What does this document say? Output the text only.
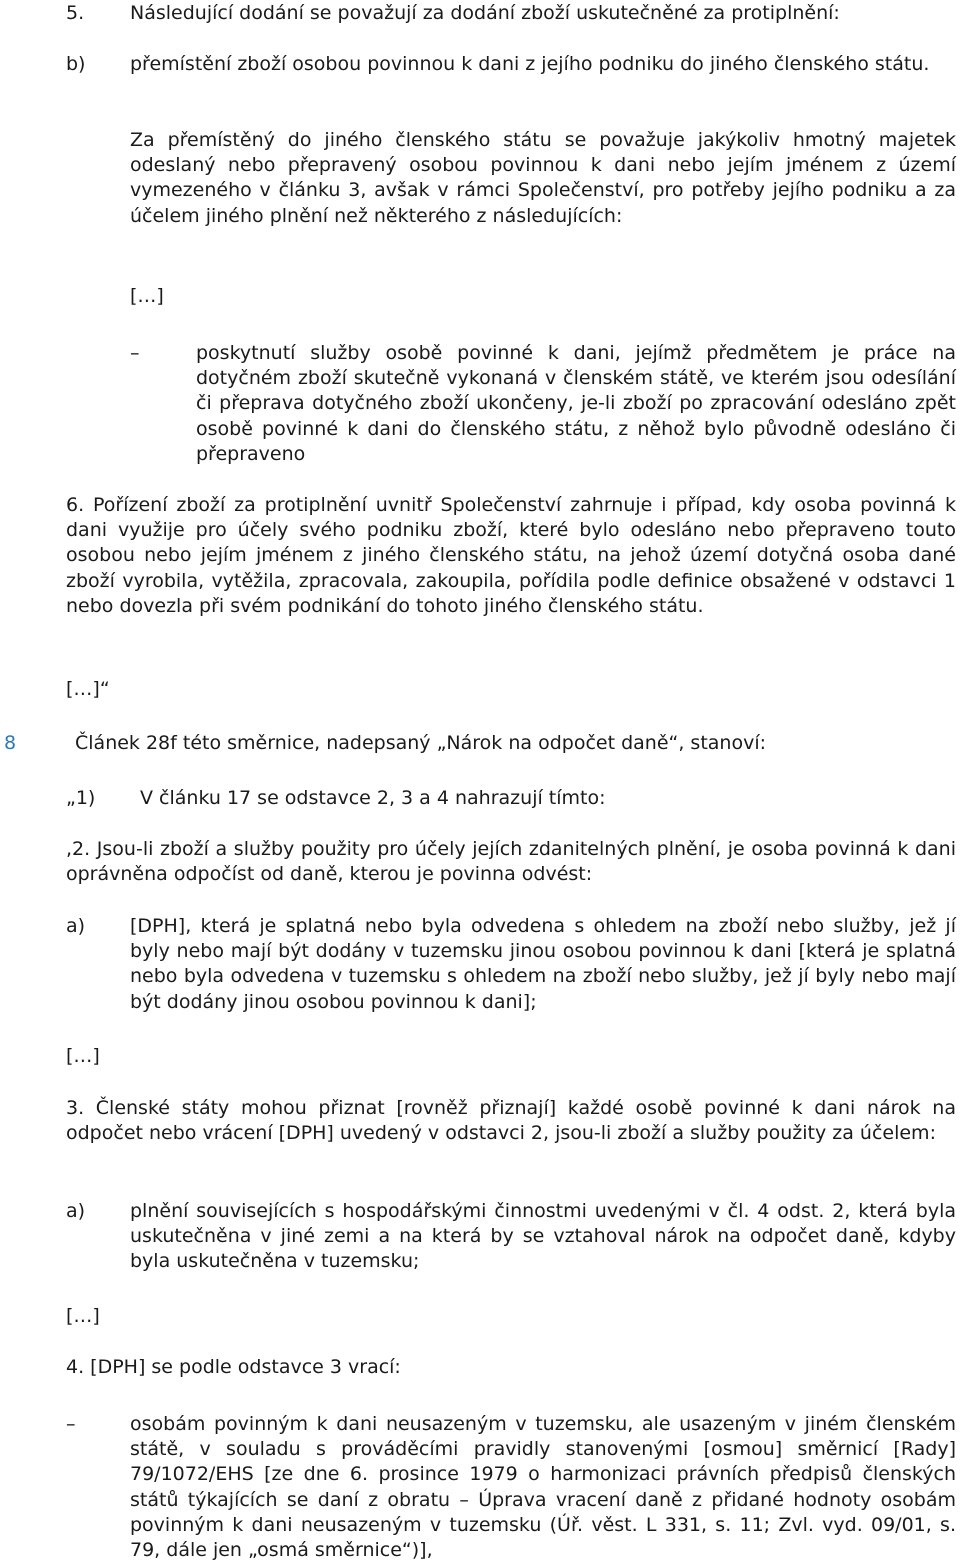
5. Následující dodání se považují za dodání zboží uskutečněné za protiplnění:

b) přemístění zboží osobou povinnou k dani z jejího podniku do jiného členského státu.

Za přemístěný do jiného členského státu se považuje jakýkoliv hmotný majetek odeslaný nebo přepravený osobou povinnou k dani nebo jejím jménem z území vymezeného v článku 3, avšak v rámci Společenství, pro potřeby jejího podniku a za účelem jiného plnění než některého z následujících:

[…]

–	poskytnutí služby osobě povinné k dani, jejímž předmětem je práce na dotyčném zboží skutečně vykonaná v členském státě, ve kterém jsou odesílání či přeprava dotyčného zboží ukončeny, je-li zboží po zpracování odesláno zpět osobě povinné k dani do členského státu, z něhož bylo původně odesláno či přepraveno

6. Pořízení zboží za protiplnění uvnitř Společenství zahrnuje i případ, kdy osoba povinná k dani využije pro účely svého podniku zboží, které bylo odesláno nebo přepraveno touto osobou nebo jejím jménem z jiného členského státu, na jehož území dotyčná osoba dané zboží vyrobila, vytěžila, zpracovala, zakoupila, pořídila podle definice obsažené v odstavci 1 nebo dovezla při svém podnikání do tohoto jiného členského státu.

[…]“

8	Článek 28f této směrnice, nadepsaný „Nárok na odpočet daně“, stanoví:

„1) V článku 17 se odstavce 2, 3 a 4 nahrazují tímto:

,2. Jsou-li zboží a služby použity pro účely jejích zdanitelných plnění, je osoba povinná k dani oprávněna odpočíst od daně, kterou je povinna odvést:

a) [DPH], která je splatná nebo byla odvedena s ohledem na zboží nebo služby, jež jí byly nebo mají být dodány v tuzemsku jinou osobou povinnou k dani [která je splatná nebo byla odvedena v tuzemsku s ohledem na zboží nebo služby, jež jí byly nebo mají být dodány jinou osobou povinnou k dani];

[…]

3. Členské státy mohou přiznat [rovněž přiznají] každé osobě povinné k dani nárok na odpočet nebo vrácení [DPH] uvedený v odstavci 2, jsou-li zboží a služby použity za účelem:

a) plnění souvisejících s hospodářskými činnostmi uvedenými v čl. 4 odst. 2, která byla uskutečněna v jiné zemi a na která by se vztahoval nárok na odpočet daně, kdyby byla uskutečněna v tuzemsku;

[…]

4. [DPH] se podle odstavce 3 vrací:

–	osobám povinným k dani neusazeným v tuzemsku, ale usazeným v jiném členském státě, v souladu s prováděcími pravidly stanovenými [osmou] směrnicí [Rady] 79/1072/EHS [ze dne 6. prosince 1979 o harmonizaci právních předpisů členských států týkajících se daní z obratu – Úprava vracení daně z přidané hodnoty osobám povinným k dani neusazeným v tuzemsku (Úř. věst. L 331, s. 11; Zvl. vyd. 09/01, s. 79, dále jen „osmá směrnice“)],
